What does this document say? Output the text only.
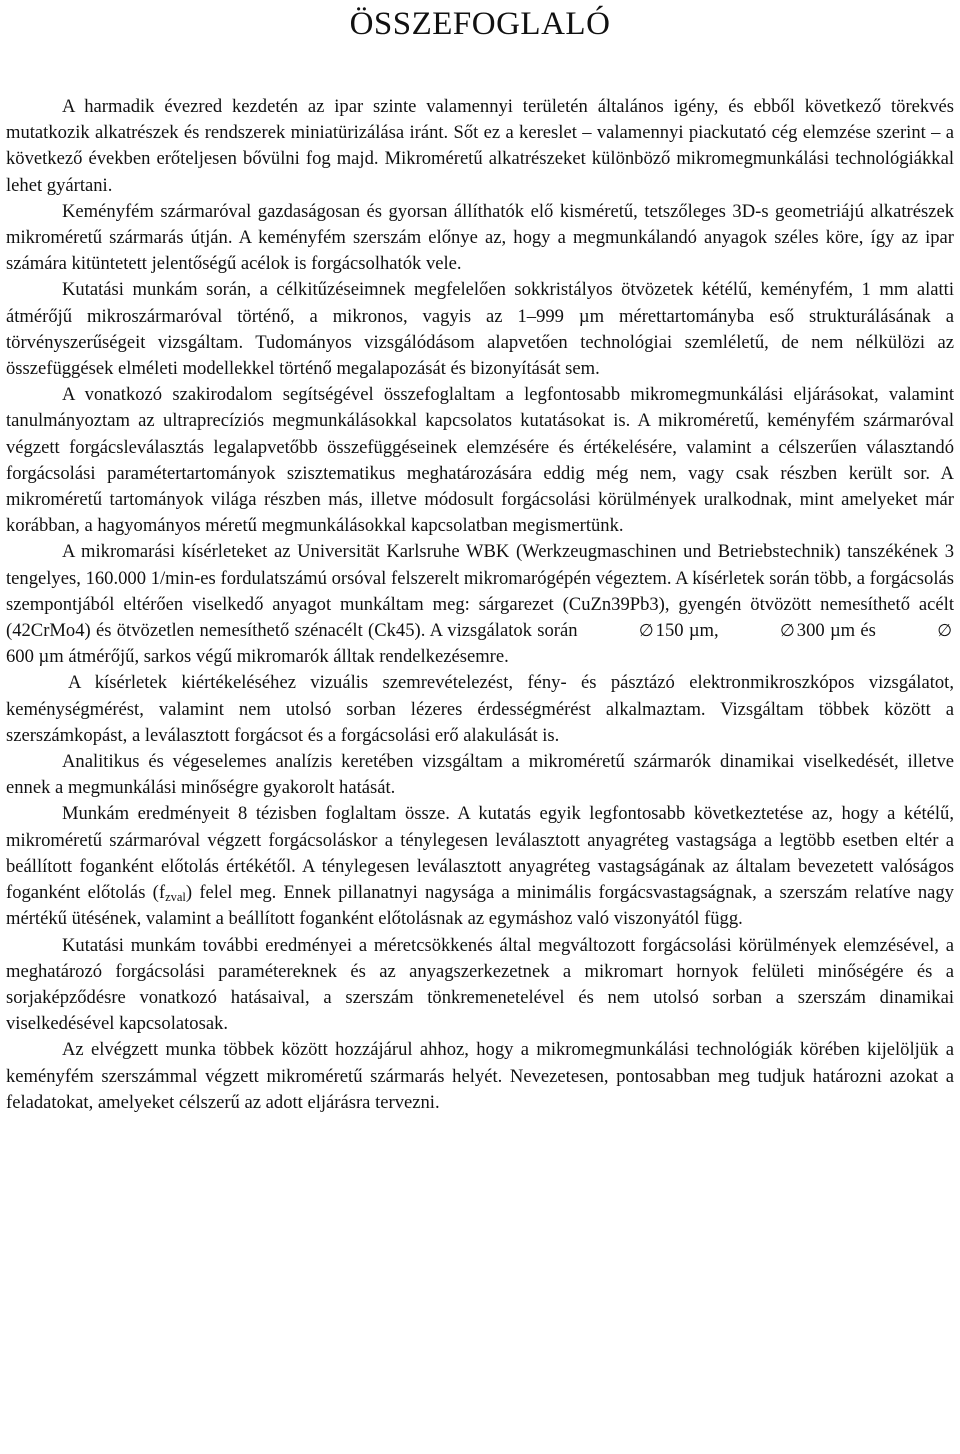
ÖSSZEFOGLALÓ

A harmadik évezred kezdetén az ipar szinte valamennyi területén általános igény, és ebből következő törekvés mutatkozik alkatrészek és rendszerek miniatürizálása iránt. Sőt ez a kereslet – valamennyi piackutató cég elemzése szerint – a következő években erőteljesen bővülni fog majd. Mikroméretű alkatrészeket különböző mikromegmunkálási technológiákkal lehet gyártani.

Keményfém szármaróval gazdaságosan és gyorsan állíthatók elő kisméretű, tetszőleges 3D-s geometriájú alkatrészek mikroméretű szármarás útján. A keményfém szerszám előnye az, hogy a megmunkálandó anyagok széles köre, így az ipar számára kitüntetett jelentőségű acélok is forgácsolhatók vele.

Kutatási munkám során, a célkitűzéseimnek megfelelően sokkristályos ötvözetek kétélű, keményfém, 1 mm alatti átmérőjű mikroszármaróval történő, a mikronos, vagyis az 1–999 µm mérettartományba eső strukturálásának a törvényszerűségeit vizsgáltam. Tudományos vizsgálódásom alapvetően technológiai szemléletű, de nem nélkülözi az összefüggések elméleti modellekkel történő megalapozását és bizonyítását sem.

A vonatkozó szakirodalom segítségével összefoglaltam a legfontosabb mikromegmunkálási eljárásokat, valamint tanulmányoztam az ultraprecíziós megmunkálásokkal kapcsolatos kutatásokat is. A mikroméretű, keményfém szármaróval végzett forgácsleválasztás legalapvetőbb összefüggéseinek elemzésére és értékelésére, valamint a célszerűen választandó forgácsolási paramétertartományok szisztematikus meghatározására eddig még nem, vagy csak részben került sor. A mikroméretű tartományok világa részben más, illetve módosult forgácsolási körülmények uralkodnak, mint amelyeket már korábban, a hagyományos méretű megmunkálásokkal kapcsolatban megismertünk.

A mikromarási kísérleteket az Universität Karlsruhe WBK (Werkzeugmaschinen und Betriebstechnik) tanszékének 3 tengelyes, 160.000 1/min-es fordulatszámú orsóval felszerelt mikromarógépén végeztem. A kísérletek során több, a forgácsolás szempontjából eltérően viselkedő anyagot munkáltam meg: sárgarezet (CuZn39Pb3), gyengén ötvözött nemesíthető acélt (42CrMo4) és ötvözetlen nemesíthető szénacélt (Ck45). A vizsgálatok során	∅ 150 µm,	∅ 300 µm és	∅600 µm átmérőjű, sarkos végű mikromarók álltak rendelkezésemre.

A kísérletek kiértékeléséhez vizuális szemrevételezést, fény- és pásztázó elektronmikroszkópos vizsgálatot, keménységmérést, valamint nem utolsó sorban lézeres érdességmérést alkalmaztam. Vizsgáltam többek között a szerszámkopást, a leválasztott forgácsot és a forgácsolási erő alakulását is.

Analitikus és végeselemes analízis keretében vizsgáltam a mikroméretű szármarók dinamikai viselkedését, illetve ennek a megmunkálási minőségre gyakorolt hatását.

Munkám eredményeit 8 tézisben foglaltam össze. A kutatás egyik legfontosabb következtetése az, hogy a kétélű, mikroméretű szármaróval végzett forgácsoláskor a ténylegesen leválasztott anyagréteg vastagsága a legtöbb esetben eltér a beállított foganként előtolás értékétől. A ténylegesen leválasztott anyagréteg vastagságának az általam bevezetett valóságos foganként előtolás $(f_{zval})$ felel meg. Ennek pillanatnyi nagysága a minimális forgácsvastagságnak, a szerszám relatíve nagy mértékű ütésének, valamint a beállított foganként előtolásnak az egymáshoz való viszonyától függ.

Kutatási munkám további eredményei a méretcsökkenés által megváltozott forgácsolási körülmények elemzésével, a meghatározó forgácsolási paramétereknek és az anyagszerkezetnek a mikromart hornyok felületi minőségére és a sorjaképződésre vonatkozó hatásaival, a szerszám tönkremenetelével és nem utolsó sorban a szerszám dinamikai viselkedésével kapcsolatosak.

Az elvégzett munka többek között hozzájárul ahhoz, hogy a mikromegmunkálási technológiák körében kijelöljük a keményfém szerszámmal végzett mikroméretű szármarás helyét. Nevezetesen, pontosabban meg tudjuk határozni azokat a feladatokat, amelyeket célszerű az adott eljárásra tervezni.
